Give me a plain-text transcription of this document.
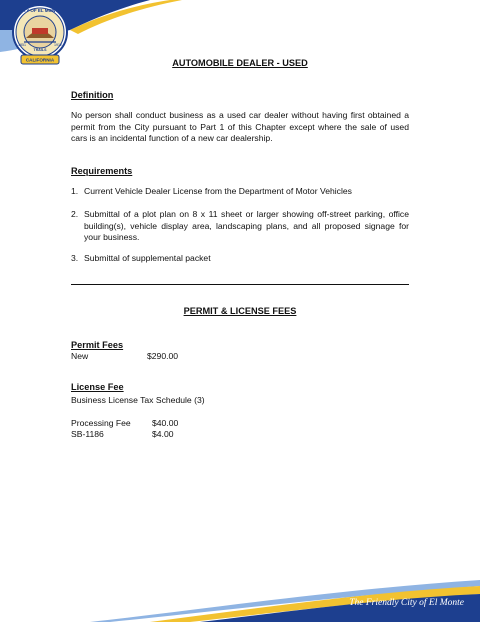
CITY OF EL MONTE
1851	1912
TRAILS
CALIFORNIA	AUTOMOBILE DEALER - USED
Definition
No person shall conduct business as a used car dealer without having first obtained a permit from the City pursuant to Part 1 of this Chapter except where the sale of used cars is an incidental function of a new car dealership.
Requirements
1. Current Vehicle Dealer License from the Department of Motor Vehicles
2. Submittal of a plot plan on 8 x 11 sheet or larger showing off-street parking, office building(s), vehicle display area, landscaping plans, and all proposed signage for your business.
3. Submittal of supplemental packet
PERMIT & LICENSE FEES
Permit Fees
New	$290.00
License Fee
Business License Tax Schedule (3)
Processing Fee $40.00
SB-1186	$4.00
The Friendly City of El Monte
